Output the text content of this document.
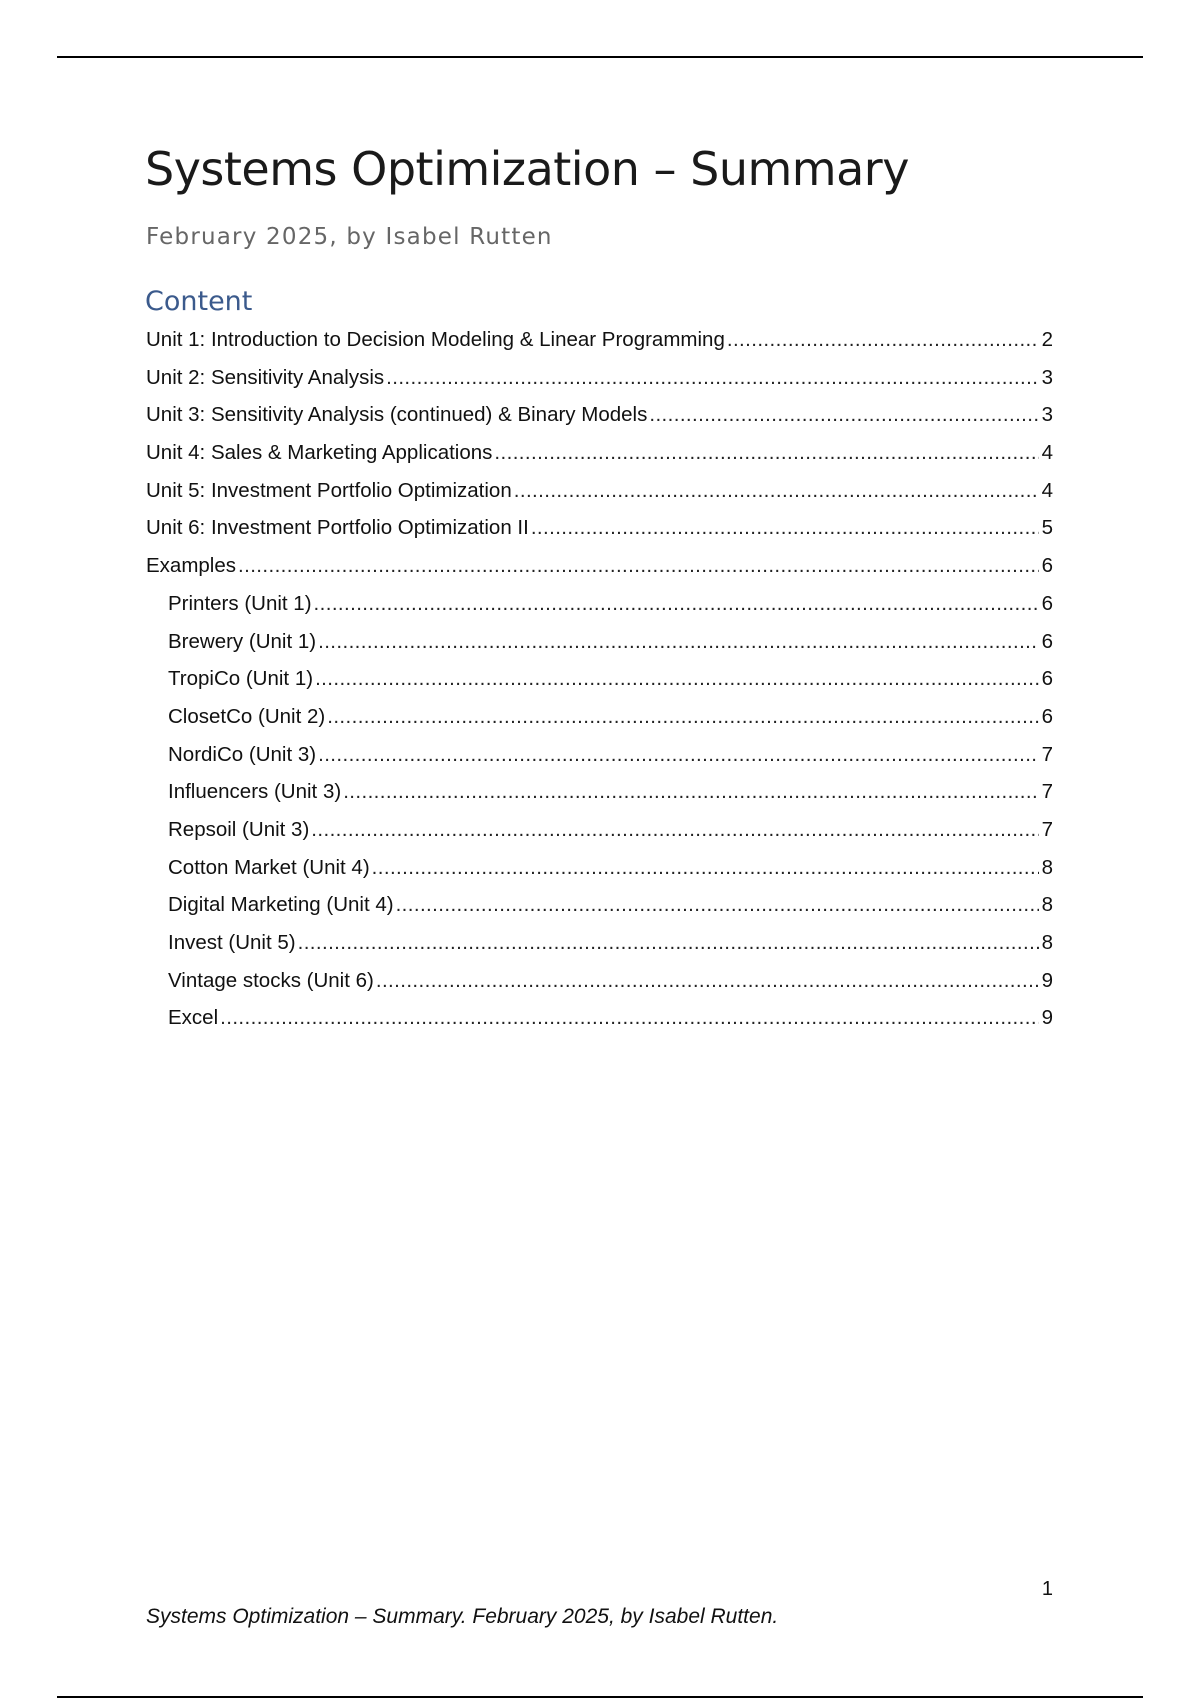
Systems Optimization – Summary
February 2025, by Isabel Rutten
Content
Unit 1: Introduction to Decision Modeling & Linear Programming .....	2
Unit 2: Sensitivity Analysis .....	3
Unit 3: Sensitivity Analysis (continued) & Binary Models .....	3
Unit 4: Sales & Marketing Applications .....	4
Unit 5: Investment Portfolio Optimization .....	4
Unit 6: Investment Portfolio Optimization II .....	5
Examples .....	6
Printers (Unit 1) .....	6
Brewery (Unit 1) .....	6
TropiCo (Unit 1) .....	6
ClosetCo (Unit 2) .....	6
NordiCo (Unit 3) .....	7
Influencers (Unit 3) .....	7
Repsoil (Unit 3) .....	7
Cotton Market (Unit 4) .....	8
Digital Marketing (Unit 4) .....	8
Invest (Unit 5) .....	8
Vintage stocks (Unit 6) .....	9
Excel .....	9
1
Systems Optimization – Summary. February 2025, by Isabel Rutten.
